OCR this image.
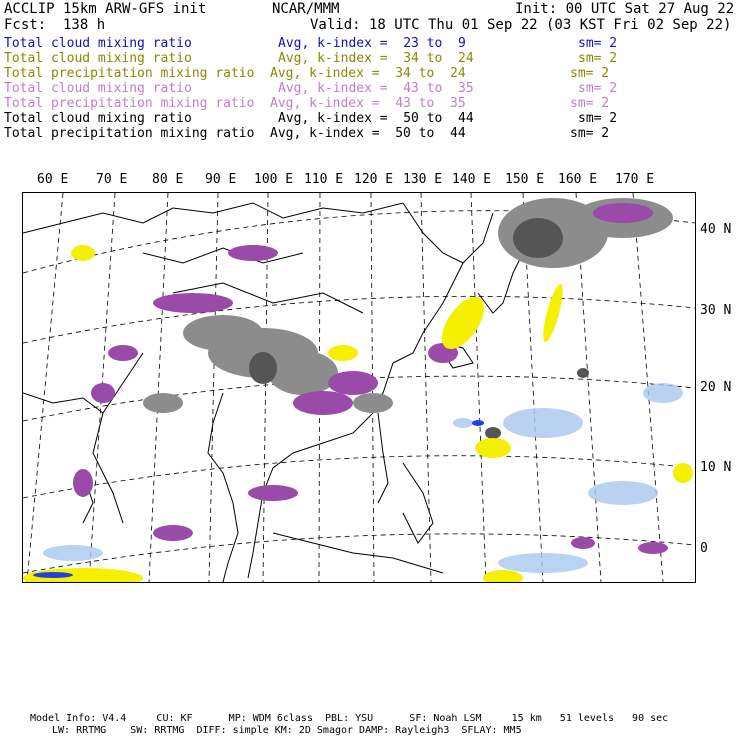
ACCLIP 15km ARW-GFS init	NCAR/MMM	Init: 00 UTC Sat 27 Aug 22
Fcst:  138 h	Valid: 18 UTC Thu 01 Sep 22 (03 KST Fri 02 Sep 22)
Total cloud mixing ratio	Avg, k-index =  23 to  9	sm= 2
Total cloud mixing ratio	Avg, k-index =  34 to  24	sm= 2
Total precipitation mixing ratio Avg, k-index =  34 to  24	sm= 2
Total cloud mixing ratio	Avg, k-index =  43 to  35	sm= 2
Total precipitation mixing ratio Avg, k-index =  43 to  35	sm= 2
Total cloud mixing ratio	Avg, k-index =  50 to  44	sm= 2
Total precipitation mixing ratio Avg, k-index =  50 to  44	sm= 2
60 E 70 E 80 E 90 E 100 E 110 E 120 E 130 E 140 E 150 E 160 E 170 E
40 N
30 N
20 N
10 N
0
Model Info: V4.4     CU: KF      MP: WDM 6class  PBL: YSU      SF: Noah LSM     15 km   51 levels   90 sec
LW: RRTMG    SW: RRTMG  DIFF: simple KM: 2D Smagor DAMP: Rayleigh3  SFLAY: MM5
